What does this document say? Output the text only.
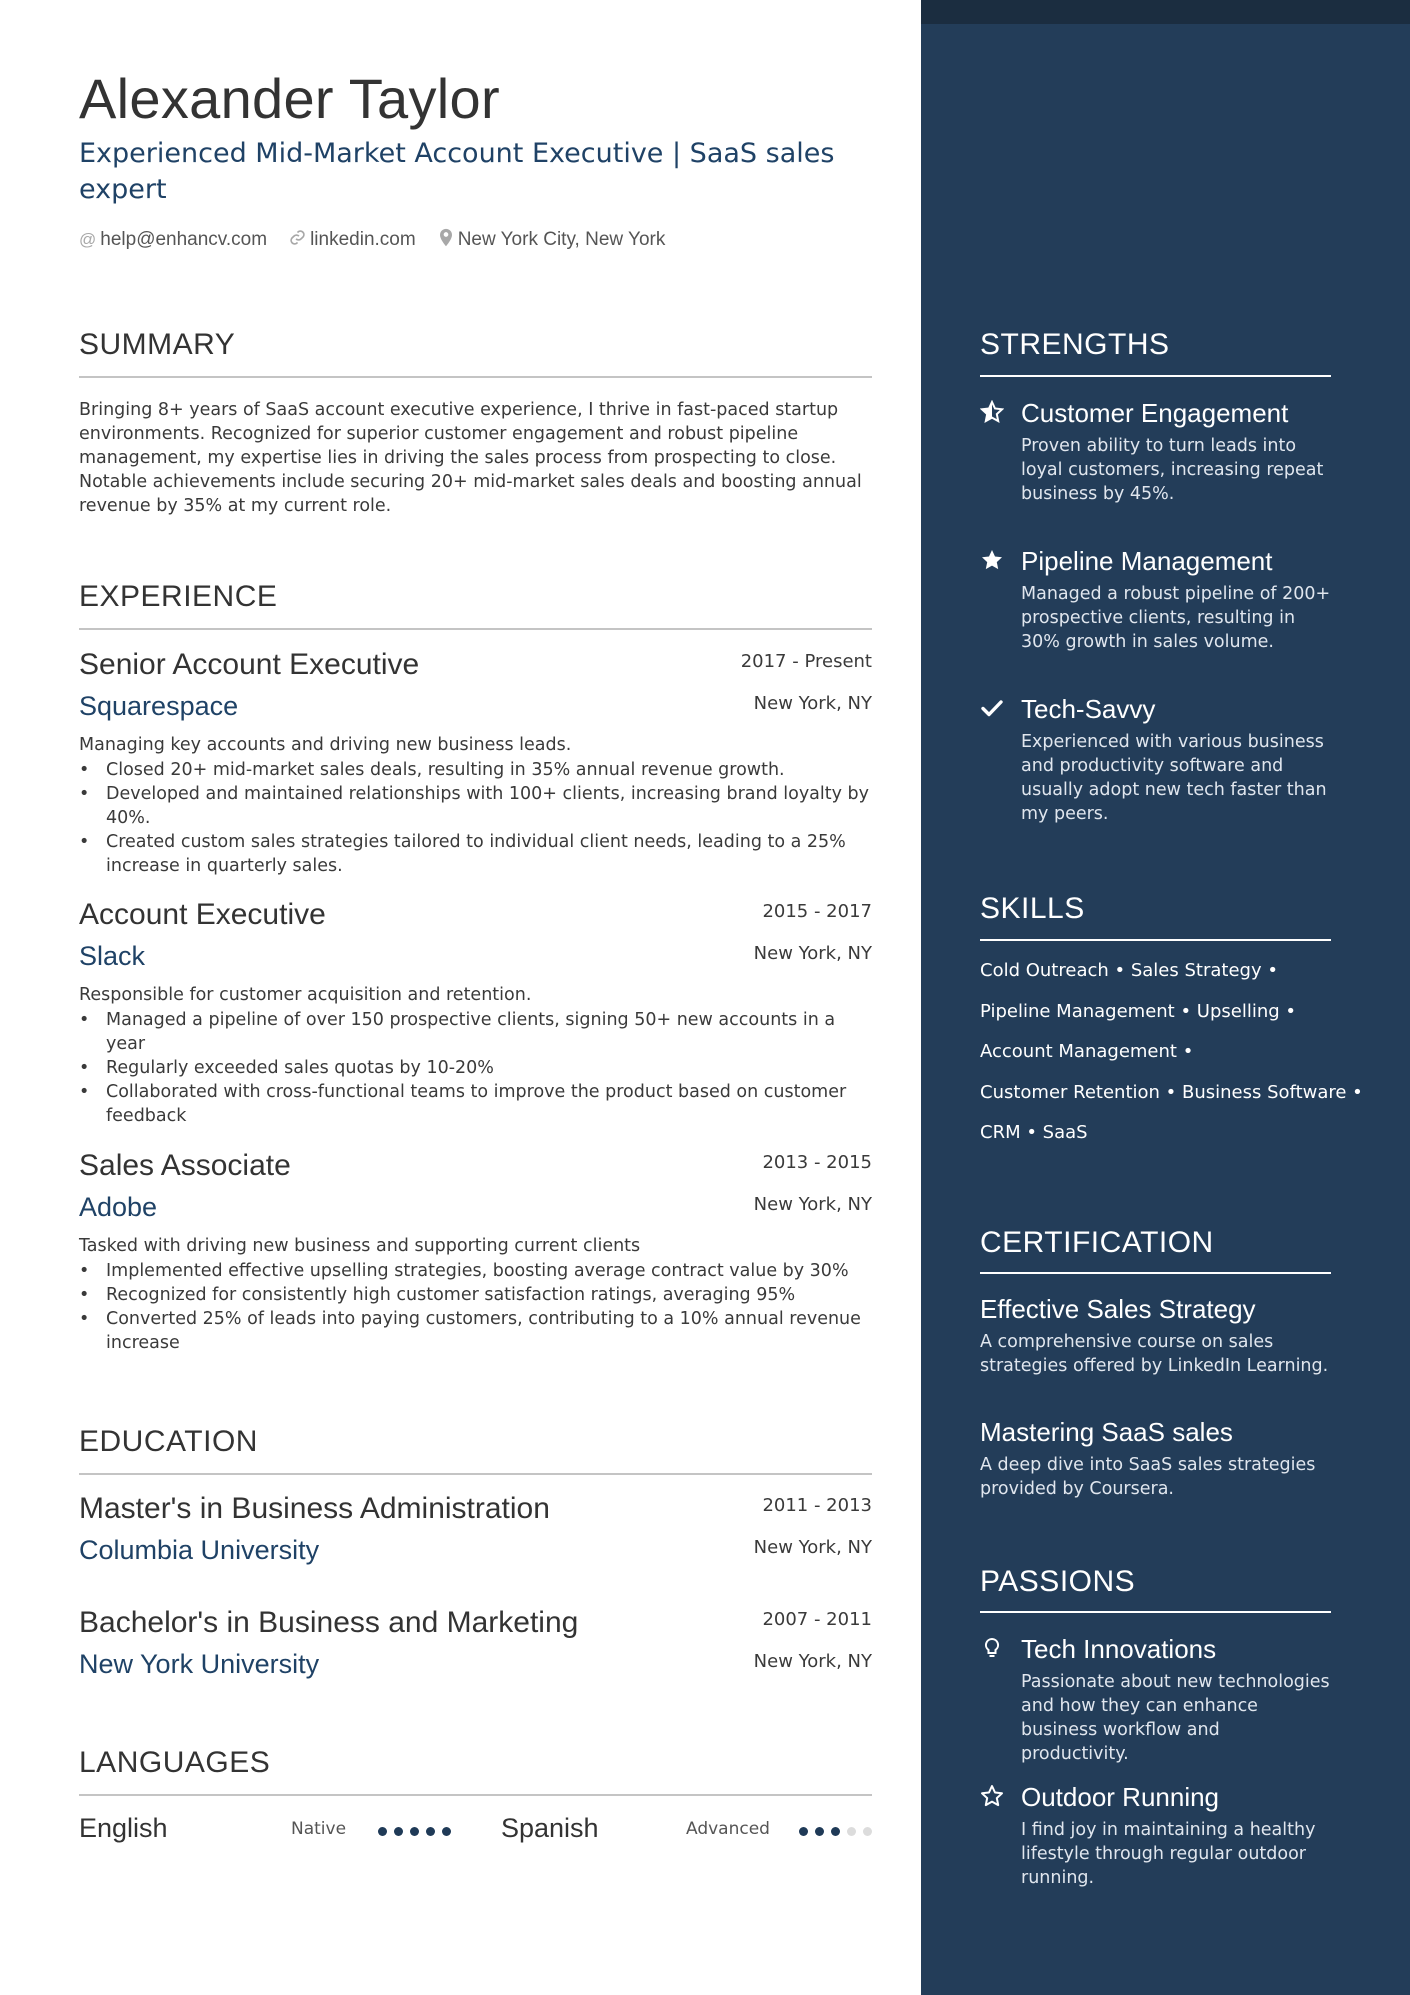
Alexander Taylor
Experienced Mid-Market Account Executive | SaaS sales expert
@ help@enhancv.com linkedin.com New York City, New York
SUMMARY
Bringing 8+ years of SaaS account executive experience, I thrive in fast-paced startup environments. Recognized for superior customer engagement and robust pipeline management, my expertise lies in driving the sales process from prospecting to close. Notable achievements include securing 20+ mid-market sales deals and boosting annual revenue by 35% at my current role.
EXPERIENCE
Senior Account Executive	2017 - Present
Squarespace	New York, NY
Managing key accounts and driving new business leads.
• Closed 20+ mid-market sales deals, resulting in 35% annual revenue growth.
• Developed and maintained relationships with 100+ clients, increasing brand loyalty by 40%.
• Created custom sales strategies tailored to individual client needs, leading to a 25% increase in quarterly sales.
Account Executive	2015 - 2017
Slack	New York, NY
Responsible for customer acquisition and retention.
• Managed a pipeline of over 150 prospective clients, signing 50+ new accounts in a year
• Regularly exceeded sales quotas by 10-20%
• Collaborated with cross-functional teams to improve the product based on customer feedback
Sales Associate	2013 - 2015
Adobe	New York, NY
Tasked with driving new business and supporting current clients
• Implemented effective upselling strategies, boosting average contract value by 30%
• Recognized for consistently high customer satisfaction ratings, averaging 95%
• Converted 25% of leads into paying customers, contributing to a 10% annual revenue increase
EDUCATION
Master's in Business Administration	2011 - 2013
Columbia University	New York, NY
Bachelor's in Business and Marketing	2007 - 2011
New York University	New York, NY
LANGUAGES
English	Native	Spanish	Advanced
STRENGTHS
Customer Engagement
Proven ability to turn leads into loyal customers, increasing repeat business by 45%.
Pipeline Management
Managed a robust pipeline of 200+ prospective clients, resulting in 30% growth in sales volume.
Tech-Savvy
Experienced with various business and productivity software and usually adopt new tech faster than my peers.
SKILLS
Cold Outreach • Sales Strategy •
Pipeline Management • Upselling •
Account Management •
Customer Retention • Business Software •
CRM • SaaS
CERTIFICATION
Effective Sales Strategy
A comprehensive course on sales strategies offered by LinkedIn Learning.
Mastering SaaS sales
A deep dive into SaaS sales strategies provided by Coursera.
PASSIONS
Tech Innovations
Passionate about new technologies and how they can enhance business workflow and productivity.
Outdoor Running
I find joy in maintaining a healthy lifestyle through regular outdoor running.
